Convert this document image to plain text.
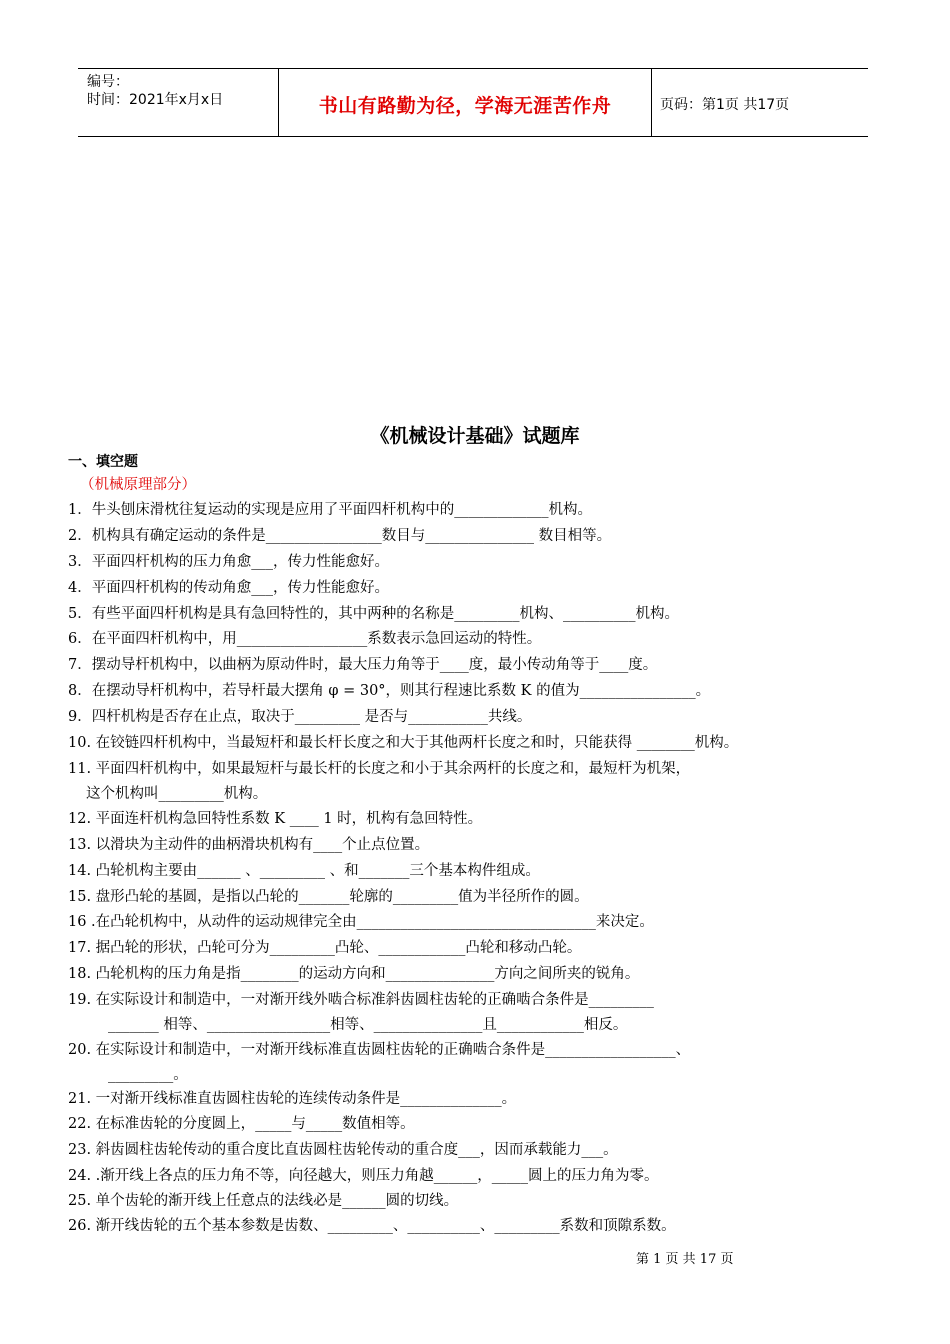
编号：
时间：2021年x月x日	书山有路勤为径，学海无涯苦作舟	页码：第1页 共17页
《机械设计基础》试题库
一、填空题
（机械原理部分）
1．牛头刨床滑枕往复运动的实现是应用了平面四杆机构中的_____________机构。
2．机构具有确定运动的条件是________________数目与_______________ 数目相等。
3．平面四杆机构的压力角愈___，传力性能愈好。
4．平面四杆机构的传动角愈___，传力性能愈好。
5．有些平面四杆机构是具有急回特性的，其中两种的名称是_________机构、__________机构。
6．在平面四杆机构中，用__________________系数表示急回运动的特性。
7．摆动导杆机构中，以曲柄为原动件时，最大压力角等于____度，最小传动角等于____度。
8．在摆动导杆机构中，若导杆最大摆角 φ = 30°，则其行程速比系数 K 的值为________________。
9．四杆机构是否存在止点，取决于_________ 是否与___________共线。
10. 在铰链四杆机构中，当最短杆和最长杆长度之和大于其他两杆长度之和时，只能获得 ________机构。
11. 平面四杆机构中，如果最短杆与最长杆的长度之和小于其余两杆的长度之和，最短杆为机架，
这个机构叫_________机构。
12. 平面连杆机构急回特性系数 K ____ 1 时，机构有急回特性。
13. 以滑块为主动件的曲柄滑块机构有____个止点位置。
14. 凸轮机构主要由______ 、_________ 、和_______三个基本构件组成。
15. 盘形凸轮的基圆，是指以凸轮的_______轮廓的_________值为半径所作的圆。
16 .在凸轮机构中，从动件的运动规律完全由_________________________________来决定。
17. 据凸轮的形状，凸轮可分为_________凸轮、____________凸轮和移动凸轮。
18. 凸轮机构的压力角是指________的运动方向和_______________方向之间所夹的锐角。
19. 在实际设计和制造中，一对渐开线外啮合标准斜齿圆柱齿轮的正确啮合条件是_________
_______ 相等、_________________相等、_______________且____________相反。
20. 在实际设计和制造中，一对渐开线标准直齿圆柱齿轮的正确啮合条件是__________________、
_________。
21. 一对渐开线标准直齿圆柱齿轮的连续传动条件是______________。
22. 在标准齿轮的分度圆上，_____与_____数值相等。
23. 斜齿圆柱齿轮传动的重合度比直齿圆柱齿轮传动的重合度___，因而承载能力___。
24. .渐开线上各点的压力角不等，向径越大，则压力角越______，_____圆上的压力角为零。
25. 单个齿轮的渐开线上任意点的法线必是______圆的切线。
26. 渐开线齿轮的五个基本参数是齿数、_________、__________、_________系数和顶隙系数。
第 1 页 共 17 页
